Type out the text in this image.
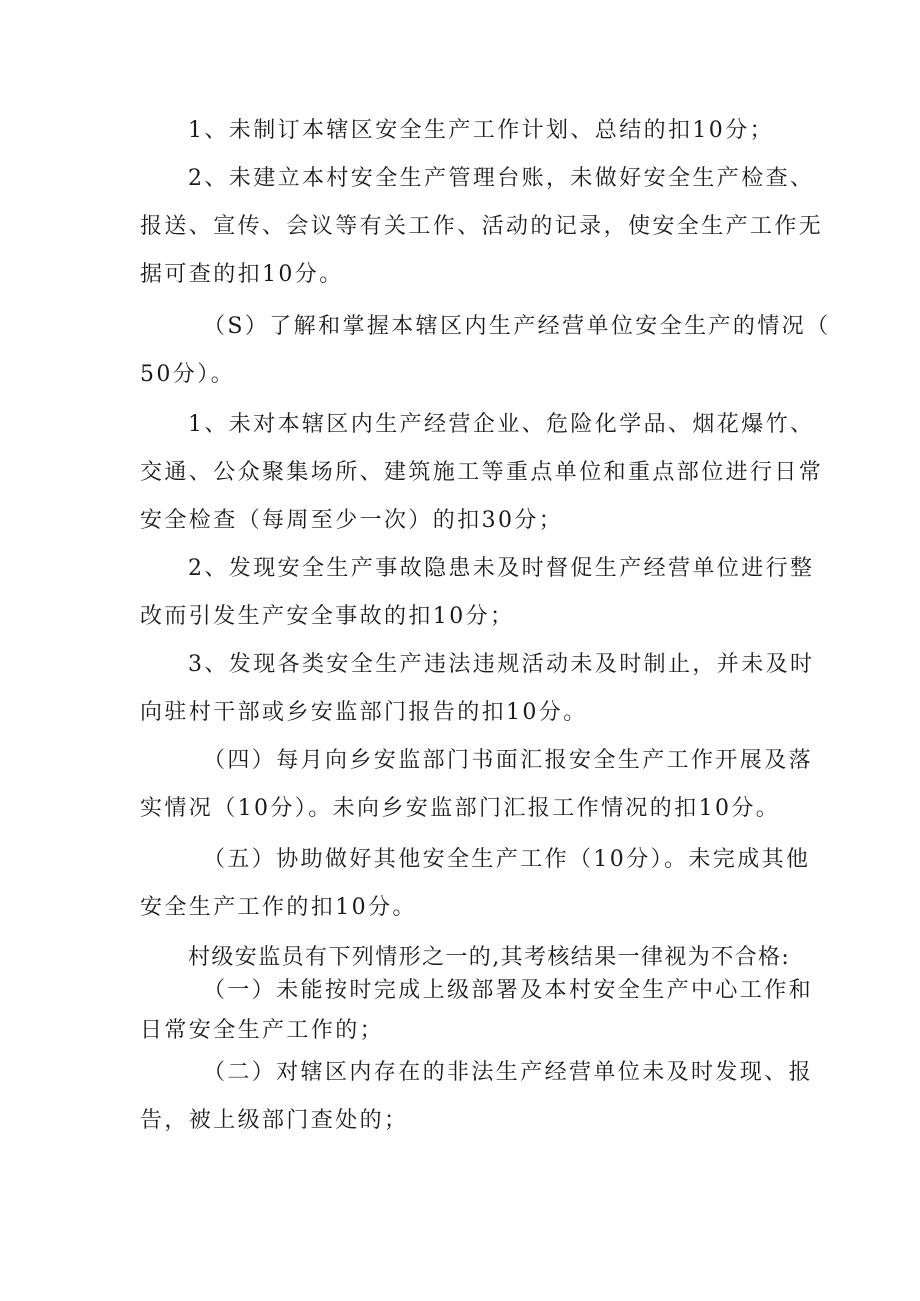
1、未制订本辖区安全生产工作计划、总结的扣10分；
2、未建立本村安全生产管理台账，未做好安全生产检查、
报送、宣传、会议等有关工作、活动的记录，使安全生产工作无
据可查的扣10分。
（S）了解和掌握本辖区内生产经营单位安全生产的情况（
50分）。
1、未对本辖区内生产经营企业、危险化学品、烟花爆竹、
交通、公众聚集场所、建筑施工等重点单位和重点部位进行日常
安全检查（每周至少一次）的扣30分；
2、发现安全生产事故隐患未及时督促生产经营单位进行整
改而引发生产安全事故的扣10分；
3、发现各类安全生产违法违规活动未及时制止，并未及时
向驻村干部或乡安监部门报告的扣10分。
（四）每月向乡安监部门书面汇报安全生产工作开展及落
实情况（10分）。未向乡安监部门汇报工作情况的扣10分。
（五）协助做好其他安全生产工作（10分）。未完成其他
安全生产工作的扣10分。
村级安监员有下列情形之一的,其考核结果一律视为不合格:
（一）未能按时完成上级部署及本村安全生产中心工作和
日常安全生产工作的；
（二）对辖区内存在的非法生产经营单位未及时发现、报
告，被上级部门查处的；
